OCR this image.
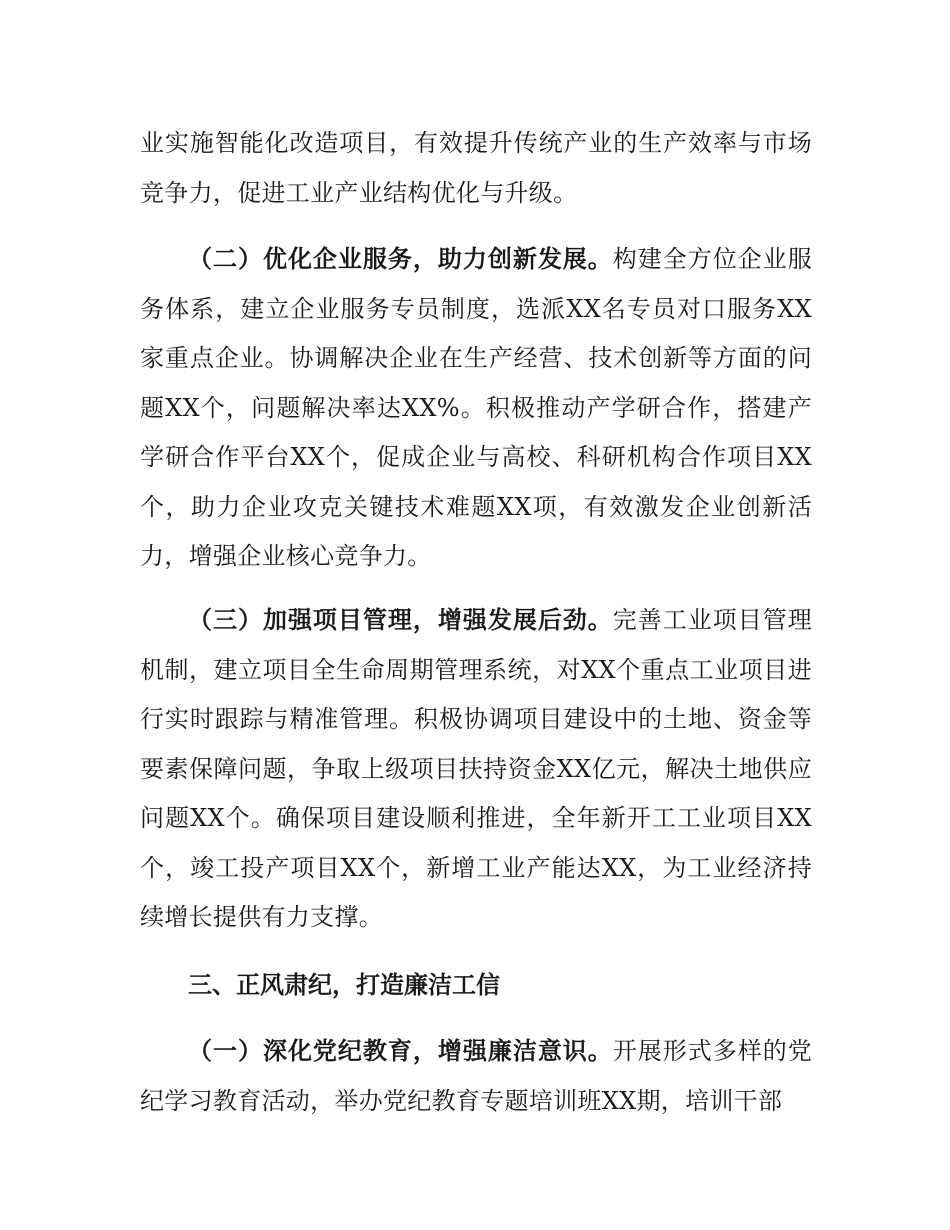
业实施智能化改造项目，有效提升传统产业的生产效率与市场竞争力，促进工业产业结构优化与升级。

（二）优化企业服务，助力创新发展。构建全方位企业服务体系，建立企业服务专员制度，选派XX名专员对口服务XX家重点企业。协调解决企业在生产经营、技术创新等方面的问题XX个，问题解决率达XX%。积极推动产学研合作，搭建产学研合作平台XX个，促成企业与高校、科研机构合作项目XX个，助力企业攻克关键技术难题XX项，有效激发企业创新活力，增强企业核心竞争力。

（三）加强项目管理，增强发展后劲。完善工业项目管理机制，建立项目全生命周期管理系统，对XX个重点工业项目进行实时跟踪与精准管理。积极协调项目建设中的土地、资金等要素保障问题，争取上级项目扶持资金XX亿元，解决土地供应问题XX个。确保项目建设顺利推进，全年新开工工业项目XX个，竣工投产项目XX个，新增工业产能达XX，为工业经济持续增长提供有力支撑。

三、正风肃纪，打造廉洁工信

（一）深化党纪教育，增强廉洁意识。开展形式多样的党纪学习教育活动，举办党纪教育专题培训班XX期，培训干部
